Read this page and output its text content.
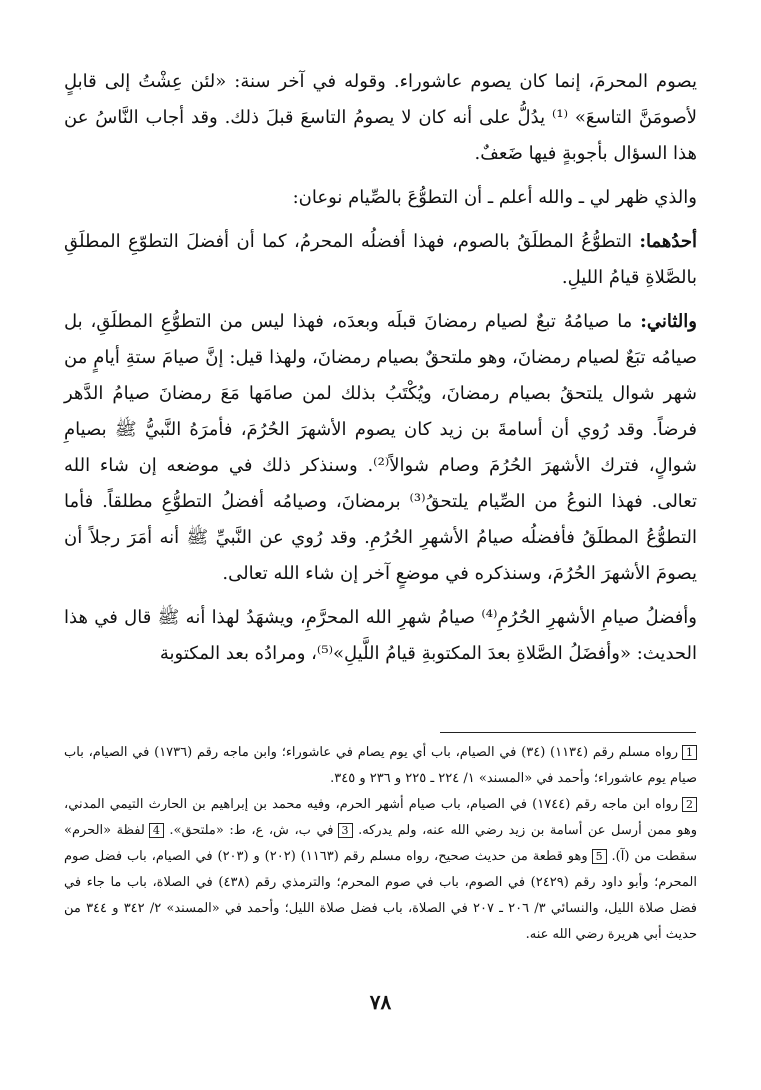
يصوم المحرمَ، إنما كان يصوم عاشوراء. وقوله في آخر سنة: «لئن عِشْتُ إلى قابلٍ لأصومَنَّ التاسعَ» ⁽¹⁾ يدُلُّ على أنه كان لا يصومُ التاسعَ قبلَ ذلك. وقد أجاب النَّاسُ عن هذا السؤال بأجوبةٍ فيها ضَعفٌ.

والذي ظهر لي ـ والله أعلم ـ أن التطوُّعَ بالصِّيام نوعان:

أحدُهما: التطوُّعُ المطلَقُ بالصوم، فهذا أفضلُه المحرمُ، كما أن أفضلَ التطوّعِ المطلَقِ بالصَّلاةِ قيامُ الليلِ.

والثاني: ما صيامُهُ تبعٌ لصيام رمضانَ قبلَه وبعدَه، فهذا ليس من التطوُّعِ المطلَقِ، بل صيامُه تبَعٌ لصيام رمضانَ، وهو ملتحقٌ بصيام رمضانَ، ولهذا قيل: إنَّ صيامَ ستةِ أيامٍ من شهر شوال يلتحقُ بصيام رمضانَ، ويُكْتَبُ بذلك لمن صامَها مَعَ رمضانَ صيامُ الدَّهر فرضاً. وقد رُوي أن أسامةَ بن زيد كان يصوم الأشهرَ الحُرُمَ، فأمرَهُ النَّبيُّ ﷺ بصيامِ شوالٍ، فترك الأشهرَ الحُرُمَ وصام شوالاً⁽²⁾. وسنذكر ذلك في موضعه إن شاء الله تعالى. فهذا النوعُ من الصِّيام يلتحقُ⁽³⁾ برمضانَ، وصيامُه أفضلُ التطوُّعِ مطلقاً. فأما التطوُّعُ المطلَقُ فأفضلُه صيامُ الأشهرِ الحُرُمِ. وقد رُوي عن النَّبيِّ ﷺ أنه أمَرَ رجلاً أن يصومَ الأشهرَ الحُرُمَ، وسنذكره في موضعٍ آخر إن شاء الله تعالى.

وأفضلُ صيامِ الأشهرِ الحُرُمِ⁽⁴⁾ صيامُ شهرِ الله المحرَّمِ، ويشهَدُ لهذا أنه ﷺ قال في هذا الحديث: «وأفضَلُ الصَّلاةِ بعدَ المكتوبةِ قيامُ اللَّيلِ»⁽⁵⁾، ومرادُه بعد المكتوبة

1رواه مسلم رقم (١١٣٤) (٣٤) في الصيام، باب أي يوم يصام في عاشوراء؛ وابن ماجه رقم (١٧٣٦) في الصيام، باب صيام يوم عاشوراء؛ وأحمد في «المسند» ١/ ٢٢٤ ـ ٢٢٥ و ٢٣٦ و ٣٤٥.

2رواه ابن ماجه رقم (١٧٤٤) في الصيام، باب صيام أشهر الحرم، وفيه محمد بن إبراهيم بن الحارث التيمي المدني، وهو ممن أرسل عن أسامة بن زيد رضي الله عنه، ولم يدركه. 3في ب، ش، ع، ط: «ملتحق». 4لفظة «الحرم» سقطت من (آ). 5وهو قطعة من حديث صحيح، رواه مسلم رقم (١١٦٣) (٢٠٢) و (٢٠٣) في الصيام، باب فضل صوم المحرم؛ وأبو داود رقم (٢٤٢٩) في الصوم، باب في صوم المحرم؛ والترمذي رقم (٤٣٨) في الصلاة، باب ما جاء في فضل صلاة الليل، والنسائي ٣/ ٢٠٦ ـ ٢٠٧ في الصلاة، باب فضل صلاة الليل؛ وأحمد في «المسند» ٢/ ٣٤٢ و ٣٤٤ من حديث أبي هريرة رضي الله عنه.

٧٨
